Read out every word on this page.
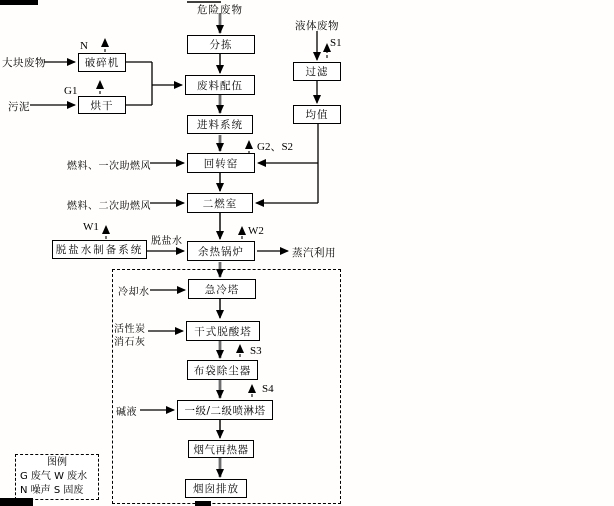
分拣
过滤
均值
破碎机
烘干
废料配伍
进料系统
回转窑
二燃室
脱盐水制备系统	余热锅炉
急冷塔
干式脱酸塔
布袋除尘器
一级/二级喷淋塔
烟气再热器
烟囱排放
危险废物
液体废物
大块废物
污泥
燃料、一次助燃风
燃料、二次助燃风
脱盐水
蒸汽利用
冷却水
活性炭
消石灰
碱液
N
G1
S1
G2、S2
W1	W2
S3
S4
图例
G 废气 W 废水
N 噪声 S 固废
